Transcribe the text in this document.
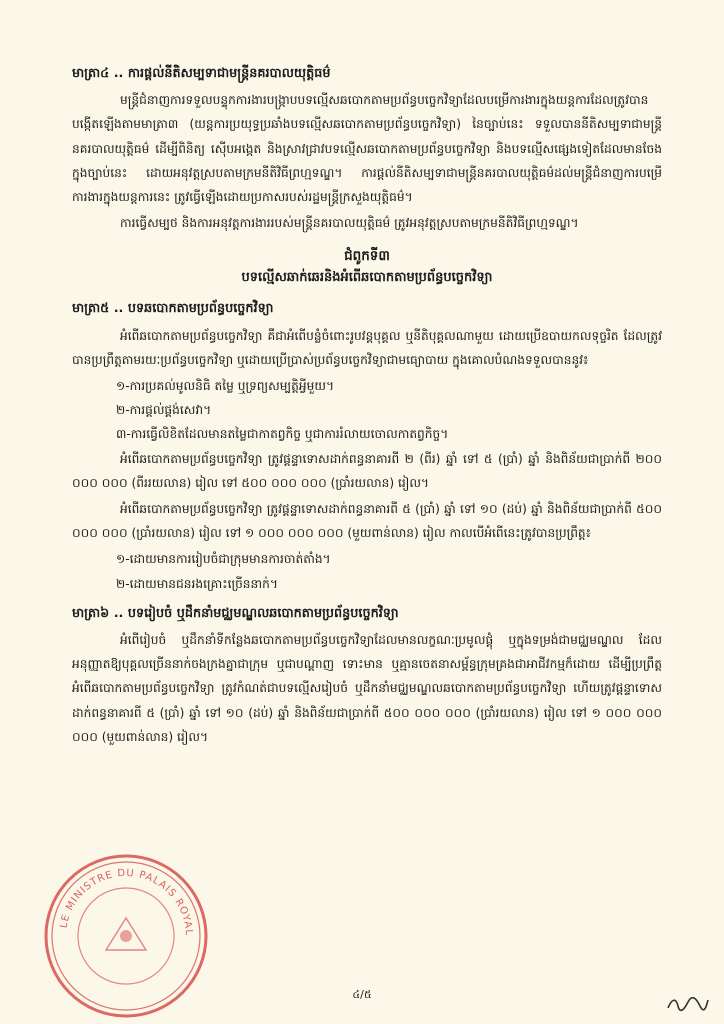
មាត្រា៤ .. ការផ្ដល់នីតិសម្បទាជាមន្ត្រីនគរបាលយុត្តិធម៌

មន្ត្រីជំនាញការទទួលបន្ទុកការងារបង្រ្កាបបទល្មើសឆបោកតាមប្រព័ន្ធបច្ចេកវិទ្យាដែលបម្រើការងារក្នុងយន្តការដែលត្រូវបានបង្កើតឡើងតាមមាត្រា៣ (យន្តការប្រយុទ្ធប្រឆាំងបទល្មើសឆបោកតាមប្រព័ន្ធបច្ចេកវិទ្យា) នៃច្បាប់នេះ ទទួលបាននីតិសម្បទាជាមន្ត្រីនគរបាលយុត្តិធម៌ ដើម្បីពិនិត្យ ស៊ើបអង្កេត និងស្រាវជ្រាវបទល្មើសឆបោកតាមប្រព័ន្ធបច្ចេកវិទ្យា និងបទល្មើសផ្សេងទៀតដែលមានចែងក្នុងច្បាប់នេះ ដោយអនុវត្តស្របតាមក្រមនីតិវិធីព្រហ្មទណ្ឌ។ ការផ្ដល់នីតិសម្បទាជាមន្ត្រីនគរបាលយុត្តិធម៌ដល់មន្ត្រីជំនាញការបម្រើការងារក្នុងយន្តការនេះ ត្រូវធ្វើឡើងដោយប្រកាសរបស់រដ្ឋមន្ត្រីក្រសួងយុត្តិធម៌។

ការធ្វើសម្បថ និងការអនុវត្តការងាររបស់មន្ត្រីនគរបាលយុត្តិធម៌ ត្រូវអនុវត្តស្របតាមក្រមនីតិវិធីព្រហ្មទណ្ឌ។

ជំពូកទី៣
បទល្មើសឆាក់ឆេរនិងអំពើឆបោកតាមប្រព័ន្ធបច្ចេកវិទ្យា
មាត្រា៥ .. បទឆបោកតាមប្រព័ន្ធបច្ចេកវិទ្យា

អំពើឆបោកតាមប្រព័ន្ធបច្ចេកវិទ្យា គឺជាអំពើបន្លំចំពោះរូបវន្តបុគ្គល ឬនីតិបុគ្គលណាមួយ ដោយប្រើឧបាយកលទុច្ចរិត ដែលត្រូវបានប្រព្រឹត្តតាមរយៈប្រព័ន្ធបច្ចេកវិទ្យា ឬដោយប្រើប្រាស់ប្រព័ន្ធបច្ចេកវិទ្យាជាមធ្យោបាយ ក្នុងគោលបំណងទទួលបាននូវ៖

១-ការប្រគល់មូលនិធិ តម្លៃ ឬទ្រព្យសម្បត្តិអ្វីមួយ។
២-ការផ្ដល់ផ្គង់សេវា។
៣-ការធ្វើលិខិតដែលមានតម្លៃជាកាតព្វកិច្ច ឬជាការរំលាយចោលកាតព្វកិច្ច។

អំពើឆបោកតាមប្រព័ន្ធបច្ចេកវិទ្យា ត្រូវផ្ដន្ទាទោសដាក់ពន្ធនាគារពី ២ (ពីរ) ឆ្នាំ ទៅ ៥ (ប្រាំ) ឆ្នាំ និងពិន័យជាប្រាក់ពី ២០០ ០០០ ០០០ (ពីររយលាន) រៀល ទៅ ៥០០ ០០០ ០០០ (ប្រាំរយលាន) រៀល។

អំពើឆបោកតាមប្រព័ន្ធបច្ចេកវិទ្យា ត្រូវផ្ដន្ទាទោសដាក់ពន្ធនាគារពី ៥ (ប្រាំ) ឆ្នាំ ទៅ ១០ (ដប់) ឆ្នាំ និងពិន័យជាប្រាក់ពី ៥០០ ០០០ ០០០ (ប្រាំរយលាន) រៀល ទៅ ១ ០០០ ០០០ ០០០ (មួយពាន់លាន) រៀល កាលបើអំពើនេះត្រូវបានប្រព្រឹត្ត៖

១-ដោយមានការរៀបចំជាក្រុមមានការចាត់តាំង។
២-ដោយមានជនរងគ្រោះច្រើននាក់។
មាត្រា៦ .. បទរៀបចំ ឬដឹកនាំមជ្ឈមណ្ឌលឆបោកតាមប្រព័ន្ធបច្ចេកវិទ្យា

អំពើរៀបចំ ឬដឹកនាំទីកន្លែងឆបោកតាមប្រព័ន្ធបច្ចេកវិទ្យាដែលមានលក្ខណៈប្រមូលផ្ដុំ ឬក្នុងទម្រង់ជាមជ្ឈមណ្ឌល ដែលអនុញ្ញាតឱ្យបុគ្គលច្រើននាក់ចងក្រងគ្នាជាក្រុម ឬជាបណ្ដាញ ទោះមាន ឬគ្មានចេតនាសម្ព័ន្ធក្រុមគ្រងជាអាជីវកម្មក៏ដោយ ដើម្បីប្រព្រឹត្តអំពើឆបោកតាមប្រព័ន្ធបច្ចេកវិទ្យា ត្រូវកំណត់ជាបទល្មើសរៀបចំ ឬដឹកនាំមជ្ឈមណ្ឌលឆបោកតាមប្រព័ន្ធបច្ចេកវិទ្យា ហើយត្រូវផ្ដន្ទាទោសដាក់ពន្ធនាគារពី ៥ (ប្រាំ) ឆ្នាំ ទៅ ១០ (ដប់) ឆ្នាំ និងពិន័យជាប្រាក់ពី ៥០០ ០០០ ០០០ (ប្រាំរយលាន) រៀល ទៅ ១ ០០០ ០០០ ០០០ (មួយពាន់លាន) រៀល។

LE MINISTRE DU PALAIS ROYAL
៤/៥
